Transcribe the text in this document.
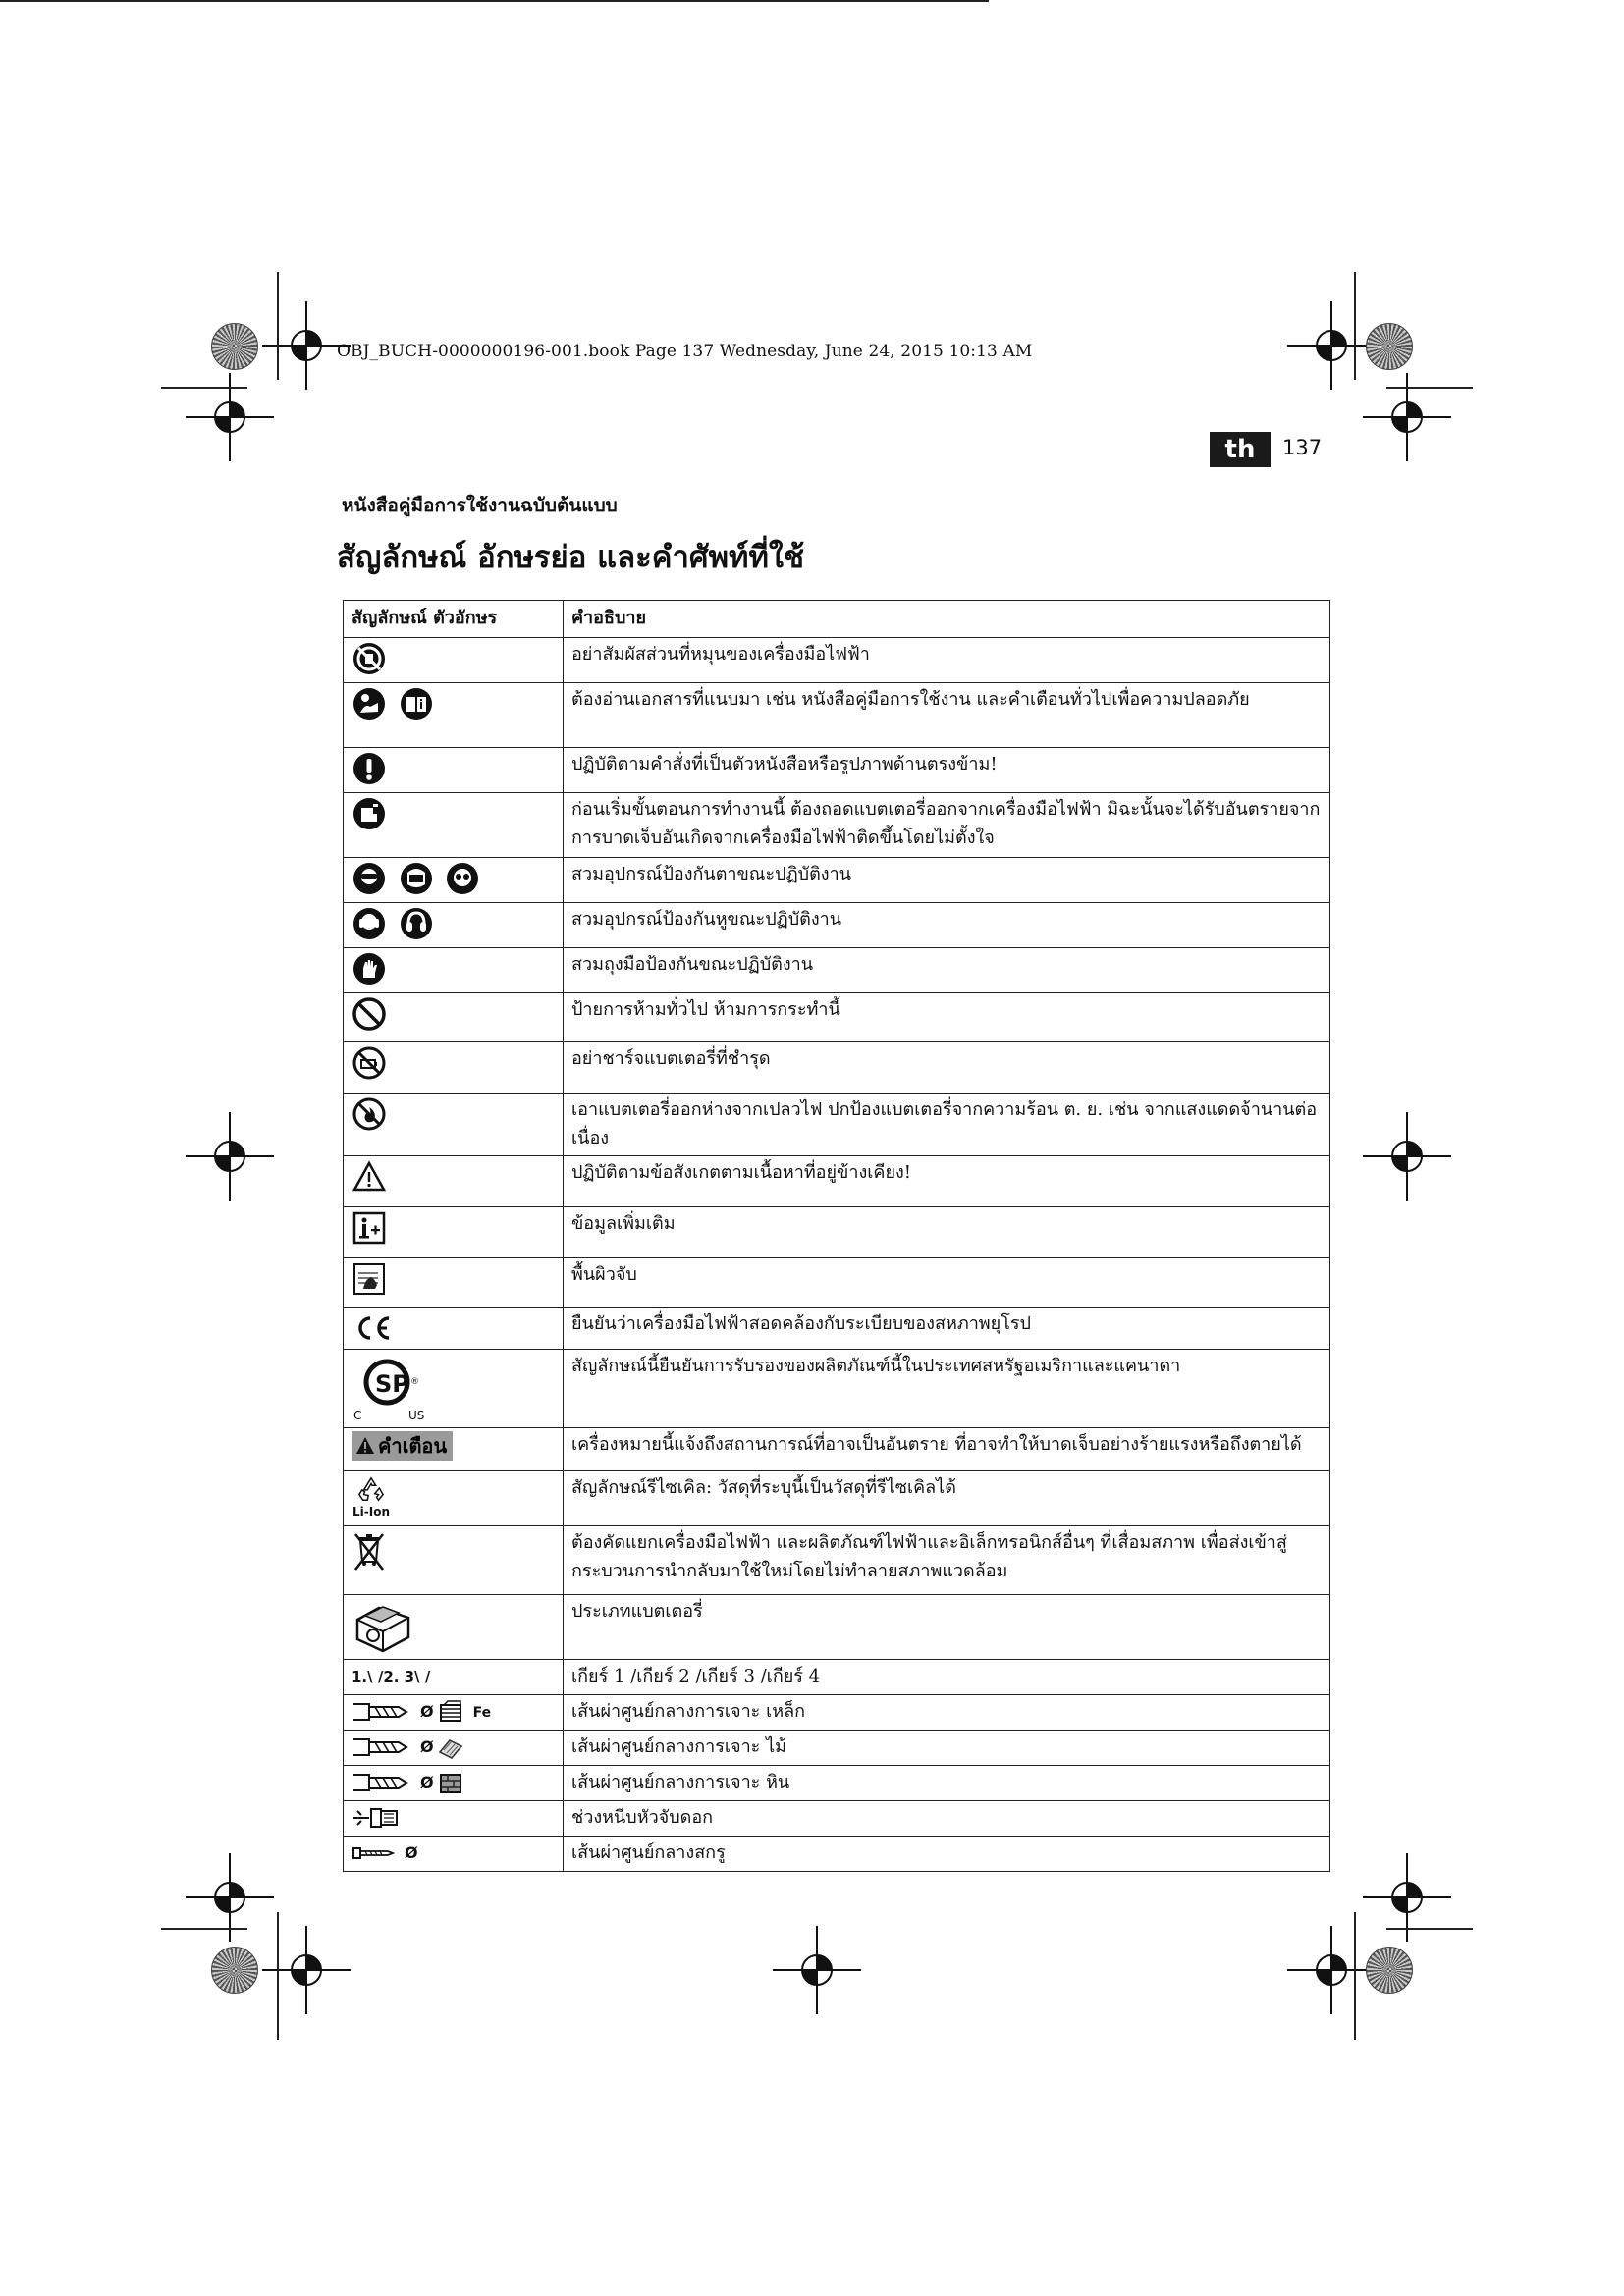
OBJ_BUCH-0000000196-001.book Page 137 Wednesday, June 24, 2015 10:13 AM
th	137
หนังสือคู่มือการใช้งานฉบับต้นแบบ
สัญลักษณ์ อักษรย่อ และคำศัพท์ที่ใช้
สัญลักษณ์ ตัวอักษร	คำอธิบาย

	อย่าสัมผัสส่วนที่หมุนของเครื่องมือไฟฟ้า

	ต้องอ่านเอกสารที่แนบมา เช่น หนังสือคู่มือการใช้งาน และคำเตือนทั่วไปเพื่อความปลอดภัย

	ปฏิบัติตามคำสั่งที่เป็นตัวหนังสือหรือรูปภาพด้านตรงข้าม!

	ก่อนเริ่มขั้นตอนการทำงานนี้ ต้องถอดแบตเตอรี่ออกจากเครื่องมือไฟฟ้า มิฉะนั้นจะได้รับอันตรายจากการบาดเจ็บอันเกิดจากเครื่องมือไฟฟ้าติดขึ้นโดยไม่ตั้งใจ

	สวมอุปกรณ์ป้องกันตาขณะปฏิบัติงาน

	สวมอุปกรณ์ป้องกันหูขณะปฏิบัติงาน

	สวมถุงมือป้องกันขณะปฏิบัติงาน

	ป้ายการห้ามทั่วไป ห้ามการกระทำนี้

	อย่าชาร์จแบตเตอรี่ที่ชำรุด

	เอาแบตเตอรี่ออกห่างจากเปลวไฟ ปกป้องแบตเตอรี่จากความร้อน ต. ย. เช่น จากแสงแดดจ้านานต่อเนื่อง

	ปฏิบัติตามข้อสังเกตตามเนื้อหาที่อยู่ข้างเคียง!

	ข้อมูลเพิ่มเติม

	พื้นผิวจับ

	ยืนยันว่าเครื่องมือไฟฟ้าสอดคล้องกับระเบียบของสหภาพยุโรป

SP
C US
®	สัญลักษณ์นี้ยืนยันการรับรองของผลิตภัณฑ์นี้ในประเทศสหรัฐอเมริกาและแคนาดา

คำเตือน	เครื่องหมายนี้แจ้งถึงสถานการณ์ที่อาจเป็นอันตราย ที่อาจทำให้บาดเจ็บอย่างร้ายแรงหรือถึงตายได้

Li-Ion	สัญลักษณ์รีไซเคิล: วัสดุที่ระบุนี้เป็นวัสดุที่รีไซเคิลได้

	ต้องคัดแยกเครื่องมือไฟฟ้า และผลิตภัณฑ์ไฟฟ้าและอิเล็กทรอนิกส์อื่นๆ ที่เสื่อมสภาพ เพื่อส่งเข้าสู่กระบวนการนำกลับมาใช้ใหม่โดยไม่ทำลายสภาพแวดล้อม

	ประเภทแบตเตอรี่
1.\ /2. 3\ /	เกียร์ 1 /เกียร์ 2 /เกียร์ 3 /เกียร์ 4

Ø Fe	เส้นผ่าศูนย์กลางการเจาะ เหล็ก

Ø	เส้นผ่าศูนย์กลางการเจาะ ไม้

Ø	เส้นผ่าศูนย์กลางการเจาะ หิน

	ช่วงหนีบหัวจับดอก

Ø	เส้นผ่าศูนย์กลางสกรู
